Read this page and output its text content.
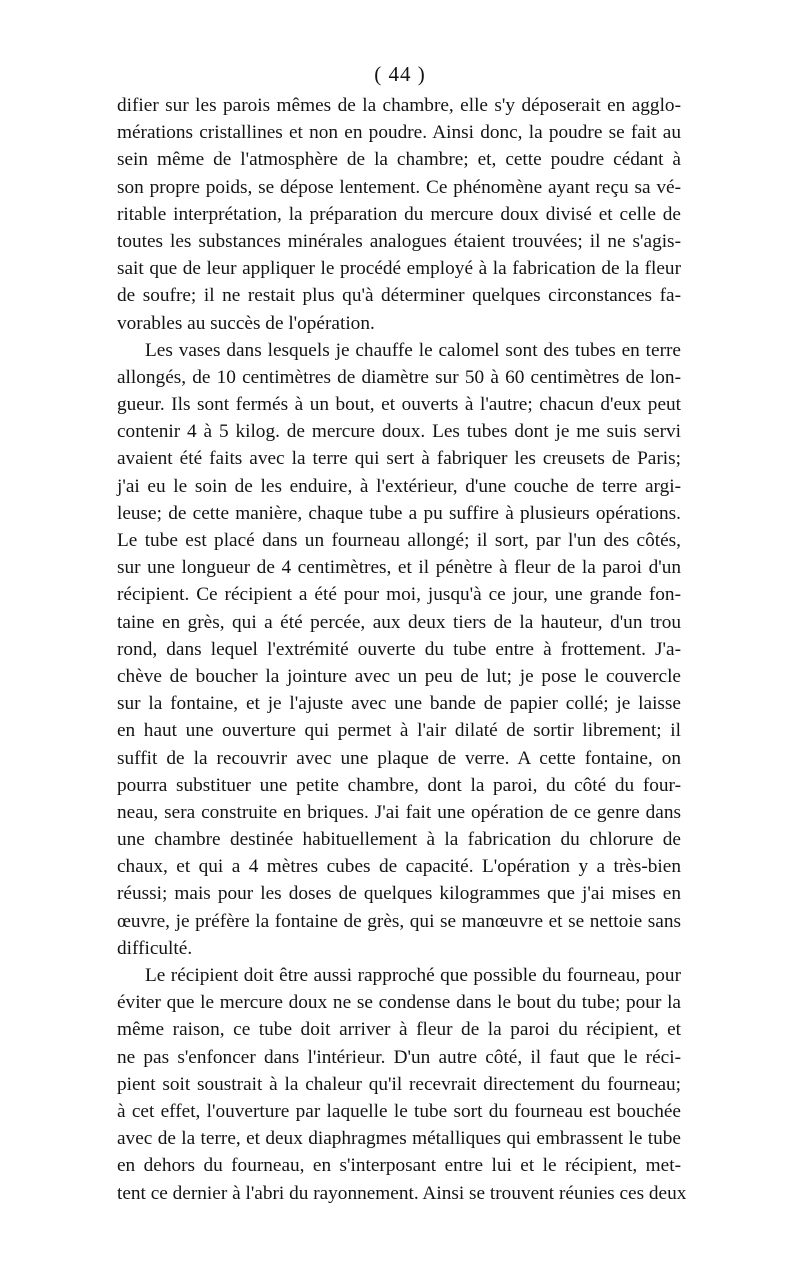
( 44 )
difier sur les parois mêmes de la chambre, elle s'y déposerait en agglo-
mérations cristallines et non en poudre. Ainsi donc, la poudre se fait au
sein même de l'atmosphère de la chambre; et, cette poudre cédant à
son propre poids, se dépose lentement. Ce phénomène ayant reçu sa vé-
ritable interprétation, la préparation du mercure doux divisé et celle de
toutes les substances minérales analogues étaient trouvées; il ne s'agis-
sait que de leur appliquer le procédé employé à la fabrication de la fleur
de soufre; il ne restait plus qu'à déterminer quelques circonstances fa-
vorables au succès de l'opération.
Les vases dans lesquels je chauffe le calomel sont des tubes en terre
allongés, de 10 centimètres de diamètre sur 50 à 60 centimètres de lon-
gueur. Ils sont fermés à un bout, et ouverts à l'autre; chacun d'eux peut
contenir 4 à 5 kilog. de mercure doux. Les tubes dont je me suis servi
avaient été faits avec la terre qui sert à fabriquer les creusets de Paris;
j'ai eu le soin de les enduire, à l'extérieur, d'une couche de terre argi-
leuse; de cette manière, chaque tube a pu suffire à plusieurs opérations.
Le tube est placé dans un fourneau allongé; il sort, par l'un des côtés,
sur une longueur de 4 centimètres, et il pénètre à fleur de la paroi d'un
récipient. Ce récipient a été pour moi, jusqu'à ce jour, une grande fon-
taine en grès, qui a été percée, aux deux tiers de la hauteur, d'un trou
rond, dans lequel l'extrémité ouverte du tube entre à frottement. J'a-
chève de boucher la jointure avec un peu de lut; je pose le couvercle
sur la fontaine, et je l'ajuste avec une bande de papier collé; je laisse
en haut une ouverture qui permet à l'air dilaté de sortir librement; il
suffit de la recouvrir avec une plaque de verre. A cette fontaine, on
pourra substituer une petite chambre, dont la paroi, du côté du four-
neau, sera construite en briques. J'ai fait une opération de ce genre dans
une chambre destinée habituellement à la fabrication du chlorure de
chaux, et qui a 4 mètres cubes de capacité. L'opération y a très-bien
réussi; mais pour les doses de quelques kilogrammes que j'ai mises en
œuvre, je préfère la fontaine de grès, qui se manœuvre et se nettoie sans
difficulté.
Le récipient doit être aussi rapproché que possible du fourneau, pour
éviter que le mercure doux ne se condense dans le bout du tube; pour la
même raison, ce tube doit arriver à fleur de la paroi du récipient, et
ne pas s'enfoncer dans l'intérieur. D'un autre côté, il faut que le réci-
pient soit soustrait à la chaleur qu'il recevrait directement du fourneau;
à cet effet, l'ouverture par laquelle le tube sort du fourneau est bouchée
avec de la terre, et deux diaphragmes métalliques qui embrassent le tube
en dehors du fourneau, en s'interposant entre lui et le récipient, met-
tent ce dernier à l'abri du rayonnement. Ainsi se trouvent réunies ces deux
